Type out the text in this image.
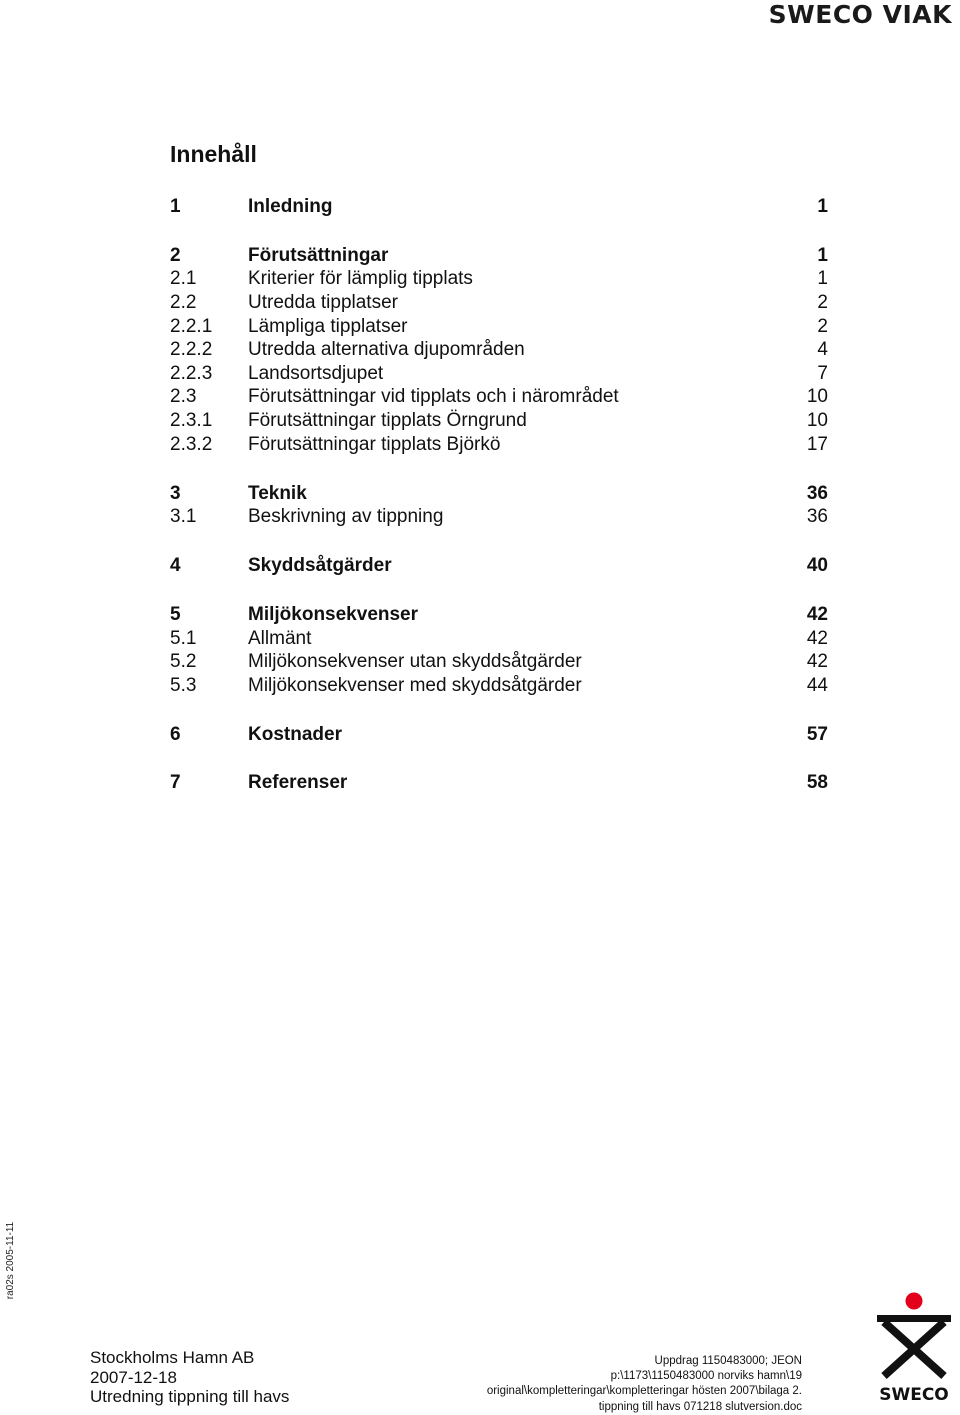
SWECO VIAK
Innehåll
1	Inledning	1
2	Förutsättningar	1
2.1	Kriterier för lämplig tipplats	1
2.2	Utredda tipplatser	2
2.2.1 Lämpliga tipplatser	2
2.2.2 Utredda alternativa djupområden	4
2.2.3 Landsortsdjupet	7
2.3	Förutsättningar vid tipplats och i närområdet	10
2.3.1 Förutsättningar tipplats Örngrund	10
2.3.2 Förutsättningar tipplats Björkö	17
3	Teknik	36
3.1	Beskrivning av tippning	36
4	Skyddsåtgärder	40
5	Miljökonsekvenser	42
5.1	Allmänt	42
5.2	Miljökonsekvenser utan skyddsåtgärder	42
5.3	Miljökonsekvenser med skyddsåtgärder	44
6	Kostnader	57
7	Referenser	58
ra02s 2005-11-11
Stockholms Hamn AB
2007-12-18
Utredning tippning till havs
Uppdrag 1150483000; JEON
p:\1173\1150483000 norviks hamn\19
original\kompletteringar\kompletteringar hösten 2007\bilaga 2.
tippning till havs 071218 slutversion.doc
SWECO
